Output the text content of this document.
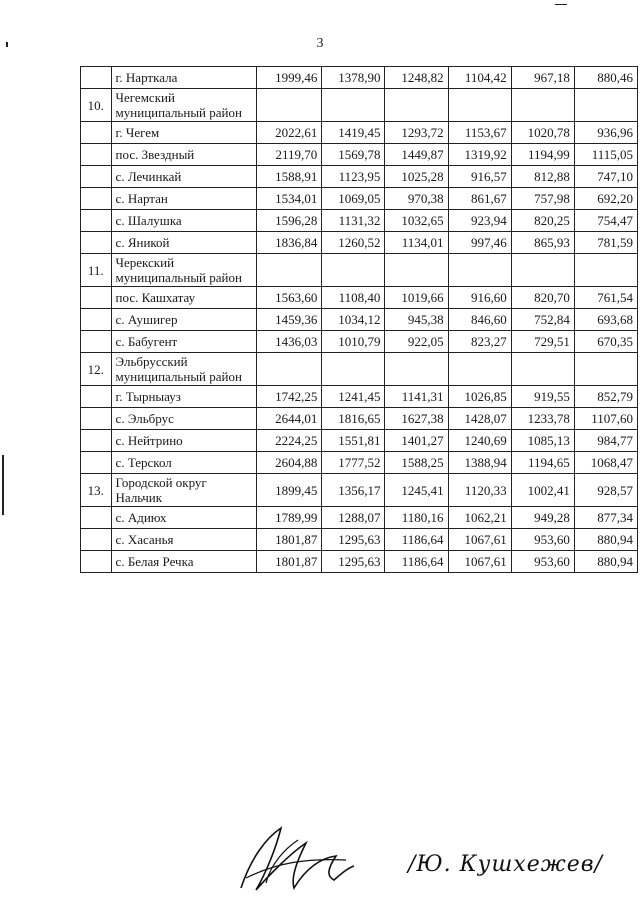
3
	г. Нарткала	1999,46	1378,90	1248,82	1104,42	967,18	880,46
10.	Чегемский муниципальный район						
	г. Чегем	2022,61	1419,45	1293,72	1153,67	1020,78	936,96
	пос. Звездный	2119,70	1569,78	1449,87	1319,92	1194,99	1115,05
	с. Лечинкай	1588,91	1123,95	1025,28	916,57	812,88	747,10
	с. Нартан	1534,01	1069,05	970,38	861,67	757,98	692,20
	с. Шалушка	1596,28	1131,32	1032,65	923,94	820,25	754,47
	с. Яникой	1836,84	1260,52	1134,01	997,46	865,93	781,59
11.	Черекский муниципальный район						
	пос. Кашхатау	1563,60	1108,40	1019,66	916,60	820,70	761,54
	с. Аушигер	1459,36	1034,12	945,38	846,60	752,84	693,68
	с. Бабугент	1436,03	1010,79	922,05	823,27	729,51	670,35
12.	Эльбрусский муниципальный район						
	г. Тырныауз	1742,25	1241,45	1141,31	1026,85	919,55	852,79
	с. Эльбрус	2644,01	1816,65	1627,38	1428,07	1233,78	1107,60
	с. Нейтрино	2224,25	1551,81	1401,27	1240,69	1085,13	984,77
	с. Терскол	2604,88	1777,52	1588,25	1388,94	1194,65	1068,47
13.	Городской округ Нальчик	1899,45	1356,17	1245,41	1120,33	1002,41	928,57
	с. Адиюх	1789,99	1288,07	1180,16	1062,21	949,28	877,34
	с. Хасанья	1801,87	1295,63	1186,64	1067,61	953,60	880,94
	с. Белая Речка	1801,87	1295,63	1186,64	1067,61	953,60	880,94
/Ю. Кушхежев/
